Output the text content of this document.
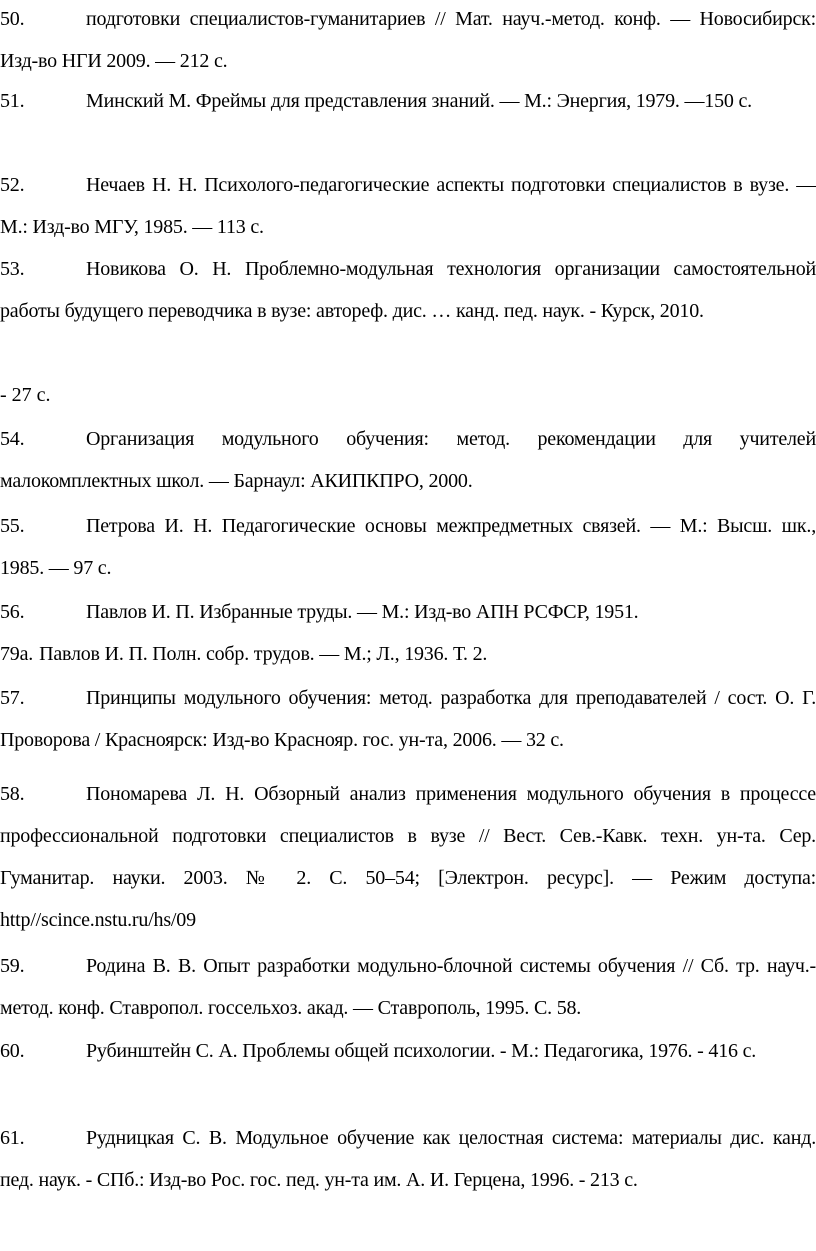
50.	подготовки специалистов-гуманитариев // Мат. науч.-метод. конф. — Новосибирск: Изд-во НГИ 2009. — 212 с.
51.	Минский М. Фреймы для представления знаний. — М.: Энергия, 1979. —150 с.
52.	Нечаев Н. Н. Психолого-педагогические аспекты подготовки специалистов в вузе. — М.: Изд-во МГУ, 1985. — 113 с.
53.	Новикова О. Н. Проблемно-модульная технология организации самостоятельной работы будущего переводчика в вузе: автореф. дис. … канд. пед. наук. - Курск, 2010.
- 27 с.
54.	Организация модульного обучения: метод. рекомендации для учителей малокомплектных школ. — Барнаул: АКИПКПРО, 2000.
55.	Петрова И. Н. Педагогические основы межпредметных связей. — М.: Высш. шк., 1985. — 97 с.
56.	Павлов И. П. Избранные труды. — М.: Изд-во АПН РСФСР, 1951.
79а. Павлов И. П. Полн. собр. трудов. — М.; Л., 1936. Т. 2.
57.	Принципы модульного обучения: метод. разработка для преподавателей / сост. О. Г. Проворова / Красноярск: Изд-во Краснояр. гос. ун-та, 2006. — 32 с.
58.	Пономарева Л. Н. Обзорный анализ применения модульного обучения в процессе профессиональной подготовки специалистов в вузе // Вест. Сев.-Кавк. техн. ун-та. Сер. Гуманитар. науки. 2003. № 2. С. 50–54; [Электрон. ресурс]. — Режим доступа: http//scince.nstu.ru/hs/09
59.	Родина В. В. Опыт разработки модульно-блочной системы обучения // Сб. тр. науч.-метод. конф. Ставропол. госсельхоз. акад. — Ставрополь, 1995. С. 58.
60.	Рубинштейн С. А. Проблемы общей психологии. - М.: Педагогика, 1976. - 416 с.
61.	Рудницкая С. В. Модульное обучение как целостная система: материалы дис. канд. пед. наук. - СПб.: Изд-во Рос. гос. пед. ун-та им. А. И. Герцена, 1996. - 213 с.
